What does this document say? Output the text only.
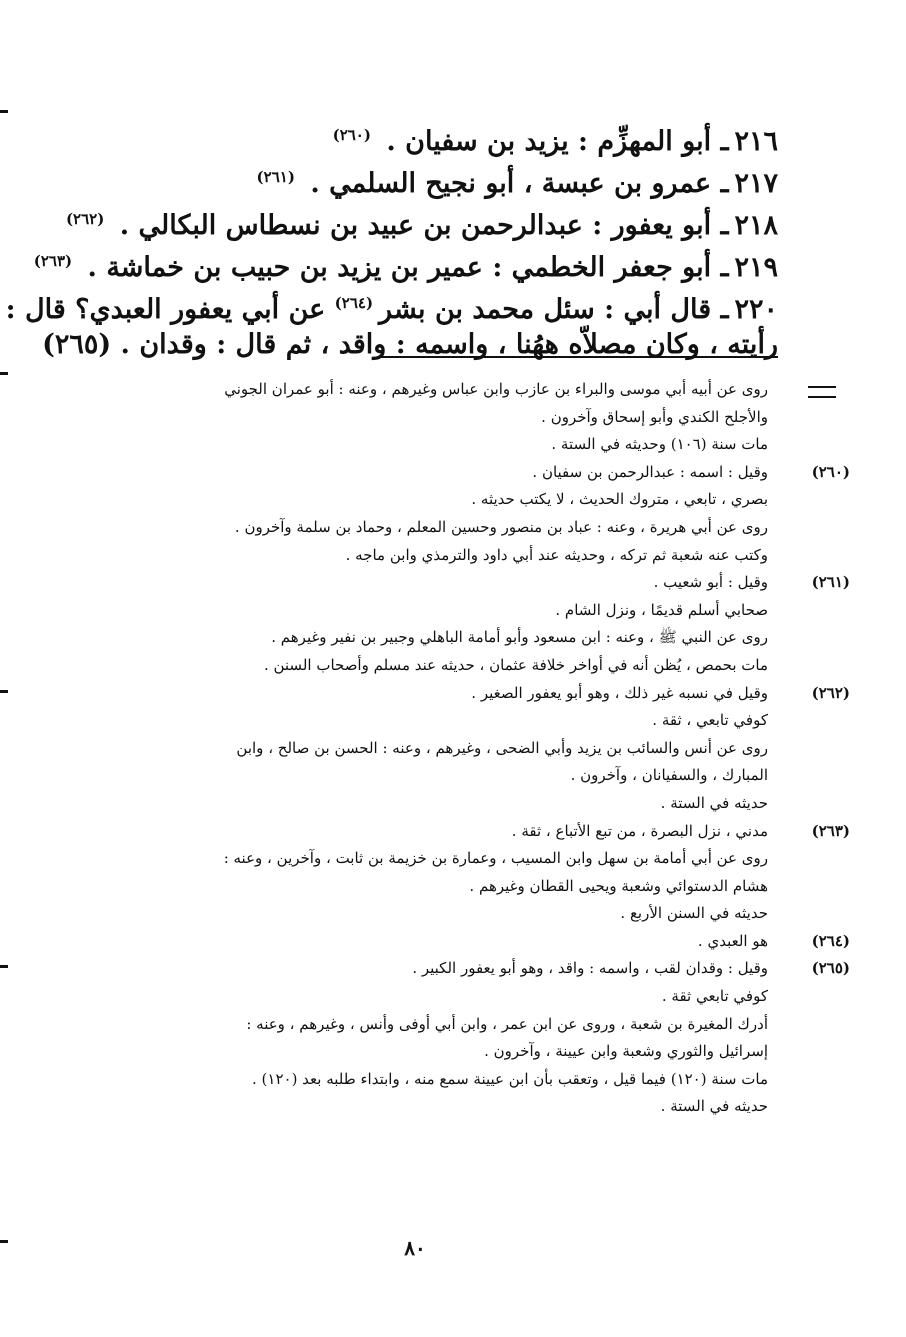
٢١٦ـ أبو المهزِّم : يزيد بن سفيان . $^{(٢٦٠)}$
٢١٧ـ عمرو بن عبسة ، أبو نجيح السلمي . $^{(٢٦١)}$
٢١٨ـ أبو يعفور : عبدالرحمن بن عبيد بن نسطاس البكالي . $^{(٢٦٢)}$
٢١٩ـ أبو جعفر الخطمي : عمير بن يزيد بن حبيب بن خماشة . $^{(٢٦٣)}$
٢٢٠ـ قال أبي : سئل محمد بن بشر$^{(٢٦٤)}$ عن أبي يعفور العبدي؟ قال :
رأيته ، وكان مصلاّه ههُنا ، واسمه : واقد ، ثم قال : وقدان . (٢٦٥)
روى عن أبيه أبي موسى والبراء بن عازب وابن عباس وغيرهم ، وعنه : أبو عمران الجوني
والأجلح الكندي وأبو إسحاق وآخرون .
مات سنة (١٠٦) وحديثه في الستة .
(٢٦٠)
وقيل : اسمه : عبدالرحمن بن سفيان .
بصري ، تابعي ، متروك الحديث ، لا يكتب حديثه .
روى عن أبي هريرة ، وعنه : عباد بن منصور وحسين المعلم ، وحماد بن سلمة وآخرون .
وكتب عنه شعبة ثم تركه ، وحديثه عند أبي داود والترمذي وابن ماجه .
(٢٦١)
وقيل : أبو شعيب .
صحابي أسلم قديمًا ، ونزل الشام .
روى عن النبي ﷺ ، وعنه : ابن مسعود وأبو أمامة الباهلي وجبير بن نفير وغيرهم .
مات بحمص ، يُظن أنه في أواخر خلافة عثمان ، حديثه عند مسلم وأصحاب السنن .
(٢٦٢)
وقيل في نسبه غير ذلك ، وهو أبو يعفور الصغير .
كوفي تابعي ، ثقة .
روى عن أنس والسائب بن يزيد وأبي الضحى ، وغيرهم ، وعنه : الحسن بن صالح ، وابن
المبارك ، والسفيانان ، وآخرون .
حديثه في الستة .
(٢٦٣)
مدني ، نزل البصرة ، من تبع الأتباع ، ثقة .
روى عن أبي أمامة بن سهل وابن المسيب ، وعمارة بن خزيمة بن ثابت ، وآخرين ، وعنه :
هشام الدستوائي وشعبة ويحيى القطان وغيرهم .
حديثه في السنن الأربع .
(٢٦٤)
هو العبدي .
(٢٦٥)
وقيل : وقدان لقب ، واسمه : واقد ، وهو أبو يعفور الكبير .
كوفي تابعي ثقة .
أدرك المغيرة بن شعبة ، وروى عن ابن عمر ، وابن أبي أوفى وأنس ، وغيرهم ، وعنه :
إسرائيل والثوري وشعبة وابن عيينة ، وآخرون .
مات سنة (١٢٠) فيما قيل ، وتعقب بأن ابن عيينة سمع منه ، وابتداء طلبه بعد (١٢٠) .
حديثه في الستة .
٨٠
